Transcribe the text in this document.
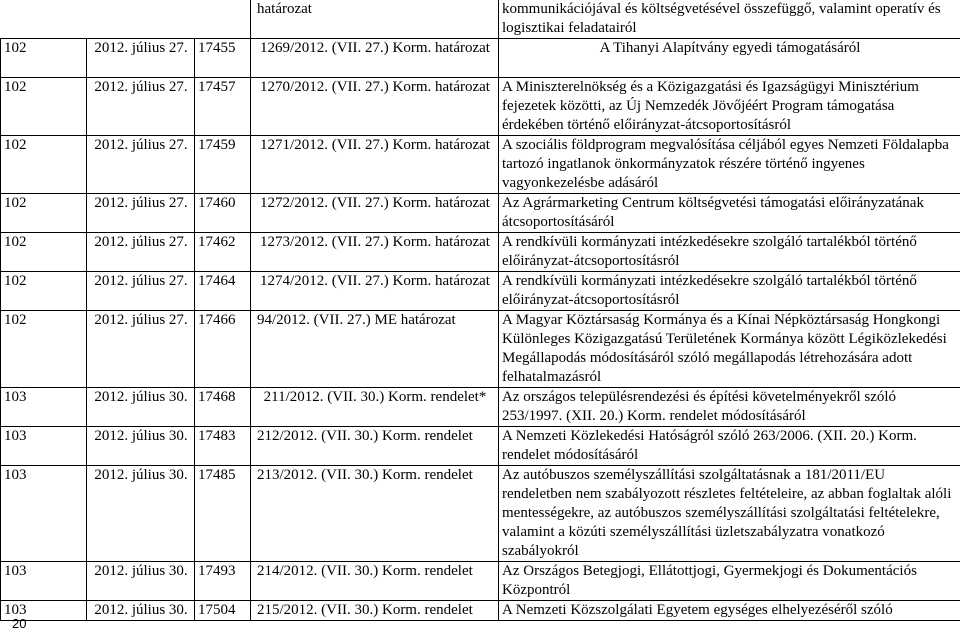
			határozat	kommunikációjával és költségvetésével összefüggő, valamint operatív és logisztikai feladatairól
102	2012. július 27.	17455	1269/2012. (VII. 27.) Korm. határozat	A Tihanyi Alapítvány egyedi támogatásáról
102	2012. július 27.	17457	1270/2012. (VII. 27.) Korm. határozat	A Miniszterelnökség és a Közigazgatási és Igazságügyi Minisztérium fejezetek közötti, az Új Nemzedék Jövőjéért Program támogatása érdekében történő előirányzat-átcsoportosításról
102	2012. július 27.	17459	1271/2012. (VII. 27.) Korm. határozat	A szociális földprogram megvalósítása céljából egyes Nemzeti Földalapba tartozó ingatlanok önkormányzatok részére történő ingyenes vagyonkezelésbe adásáról
102	2012. július 27.	17460	1272/2012. (VII. 27.) Korm. határozat	Az Agrármarketing Centrum költségvetési támogatási előirányzatának átcsoportosításáról
102	2012. július 27.	17462	1273/2012. (VII. 27.) Korm. határozat	A rendkívüli kormányzati intézkedésekre szolgáló tartalékból történő előirányzat-átcsoportosításról
102	2012. július 27.	17464	1274/2012. (VII. 27.) Korm. határozat	A rendkívüli kormányzati intézkedésekre szolgáló tartalékból történő előirányzat-átcsoportosításról
102	2012. július 27.	17466	94/2012. (VII. 27.) ME határozat	A Magyar Köztársaság Kormánya és a Kínai Népköztársaság Hongkongi Különleges Közigazgatású Területének Kormánya között Légiközlekedési Megállapodás módosításáról szóló megállapodás létrehozására adott felhatalmazásról
103	2012. július 30.	17468	211/2012. (VII. 30.) Korm. rendelet*	Az országos településrendezési és építési követelményekről szóló 253/1997. (XII. 20.) Korm. rendelet módosításáról
103	2012. július 30.	17483	212/2012. (VII. 30.) Korm. rendelet	A Nemzeti Közlekedési Hatóságról szóló 263/2006. (XII. 20.) Korm. rendelet módosításáról
103	2012. július 30.	17485	213/2012. (VII. 30.) Korm. rendelet	Az autóbuszos személyszállítási szolgáltatásnak a 181/2011/EU rendeletben nem szabályozott részletes feltételeire, az abban foglaltak alóli mentességekre, az autóbuszos személyszállítási szolgáltatási feltételekre, valamint a közúti személyszállítási üzletszabályzatra vonatkozó szabályokról
103	2012. július 30.	17493	214/2012. (VII. 30.) Korm. rendelet	Az Országos Betegjogi, Ellátottjogi, Gyermekjogi és Dokumentációs Központról
103	2012. július 30.	17504	215/2012. (VII. 30.) Korm. rendelet	A Nemzeti Közszolgálati Egyetem egységes elhelyezéséről szóló
20
